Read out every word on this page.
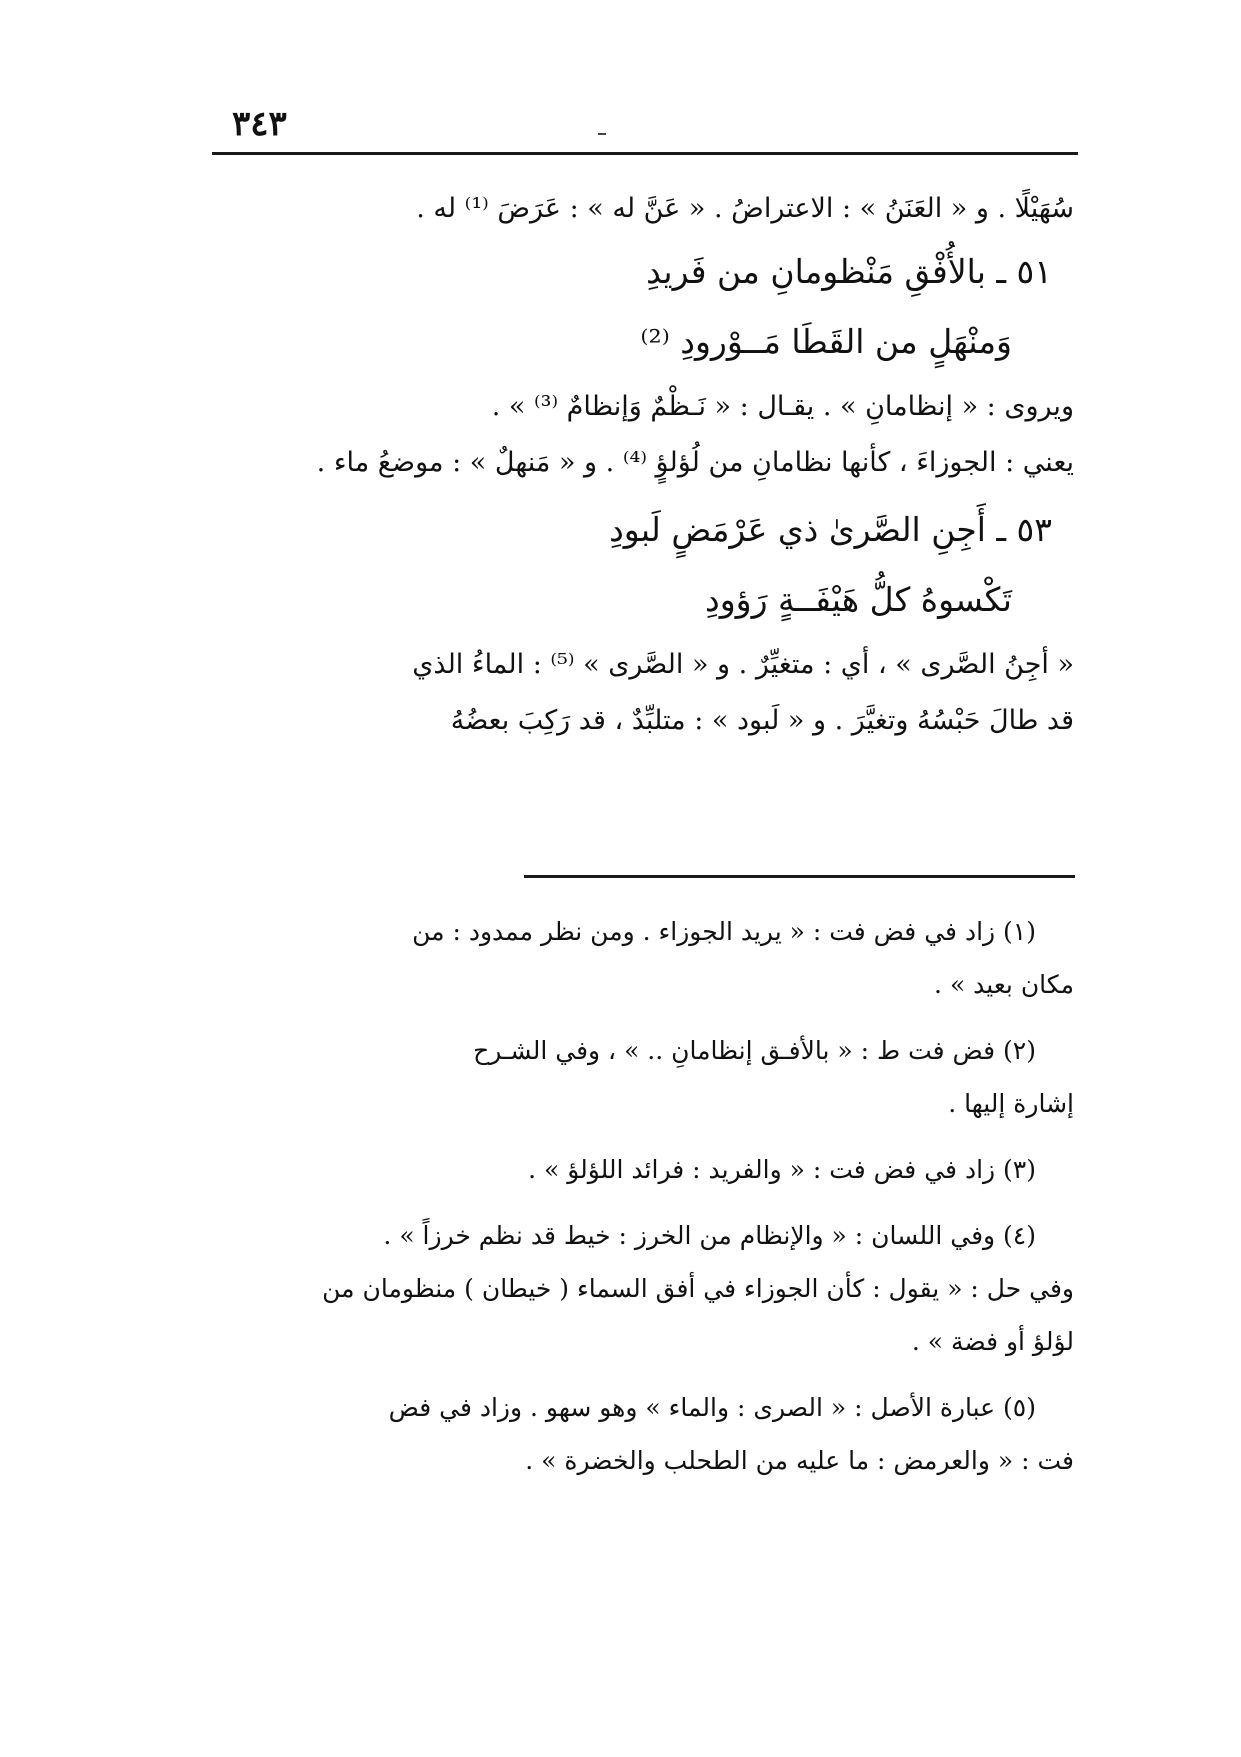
٣٤٣

سُهَيْلًا . و « العَنَنُ » : الاعتراضُ . « عَنَّ له » : عَرَضَ ⁽¹⁾ له .

٥١ ـ بالأُفْقِ مَنْظومانِ من فَريدِ

وَمنْهَلٍ من القَطَا مَــوْرودِ ⁽²⁾

ويروى : « إنظامانِ » . يقـال : « نَـظْمٌ وَإنظامٌ ⁽³⁾ » .

يعني : الجوزاءَ ، كأنها نظامانِ من لُؤلؤٍ ⁽⁴⁾ . و « مَنهلٌ » : موضعُ ماء .

٥٣ ـ أَجِنِ الصَّرىٰ ذي عَرْمَضٍ لَبودِ

تَكْسوهُ كلُّ هَيْفَــةٍ رَؤودِ

« أجِنُ الصَّرى » ، أي : متغيِّرٌ . و « الصَّرى » ⁽⁵⁾ : الماءُ الذي

قد طالَ حَبْسُهُ وتغيَّرَ . و « لَبود » : متلبِّدٌ ، قد رَكِبَ بعضُهُ

(١) زاد في فض فت : « يريد الجوزاء . ومن نظر ممدود : من

مكان بعيد » .

(٢) فض فت ط : « بالأفـق إنظامانِ .. » ، وفي الشـرح

إشارة إليها .

(٣) زاد في فض فت : « والفريد : فرائد اللؤلؤ » .

(٤) وفي اللسان : « والإنظام من الخرز : خيط قد نظم خرزاً » .

وفي حل : « يقول : كأن الجوزاء في أفق السماء ( خيطان ) منظومان من

لؤلؤ أو فضة » .

(٥) عبارة الأصل : « الصرى : والماء » وهو سهو . وزاد في فض

فت : « والعرمض : ما عليه من الطحلب والخضرة » .
